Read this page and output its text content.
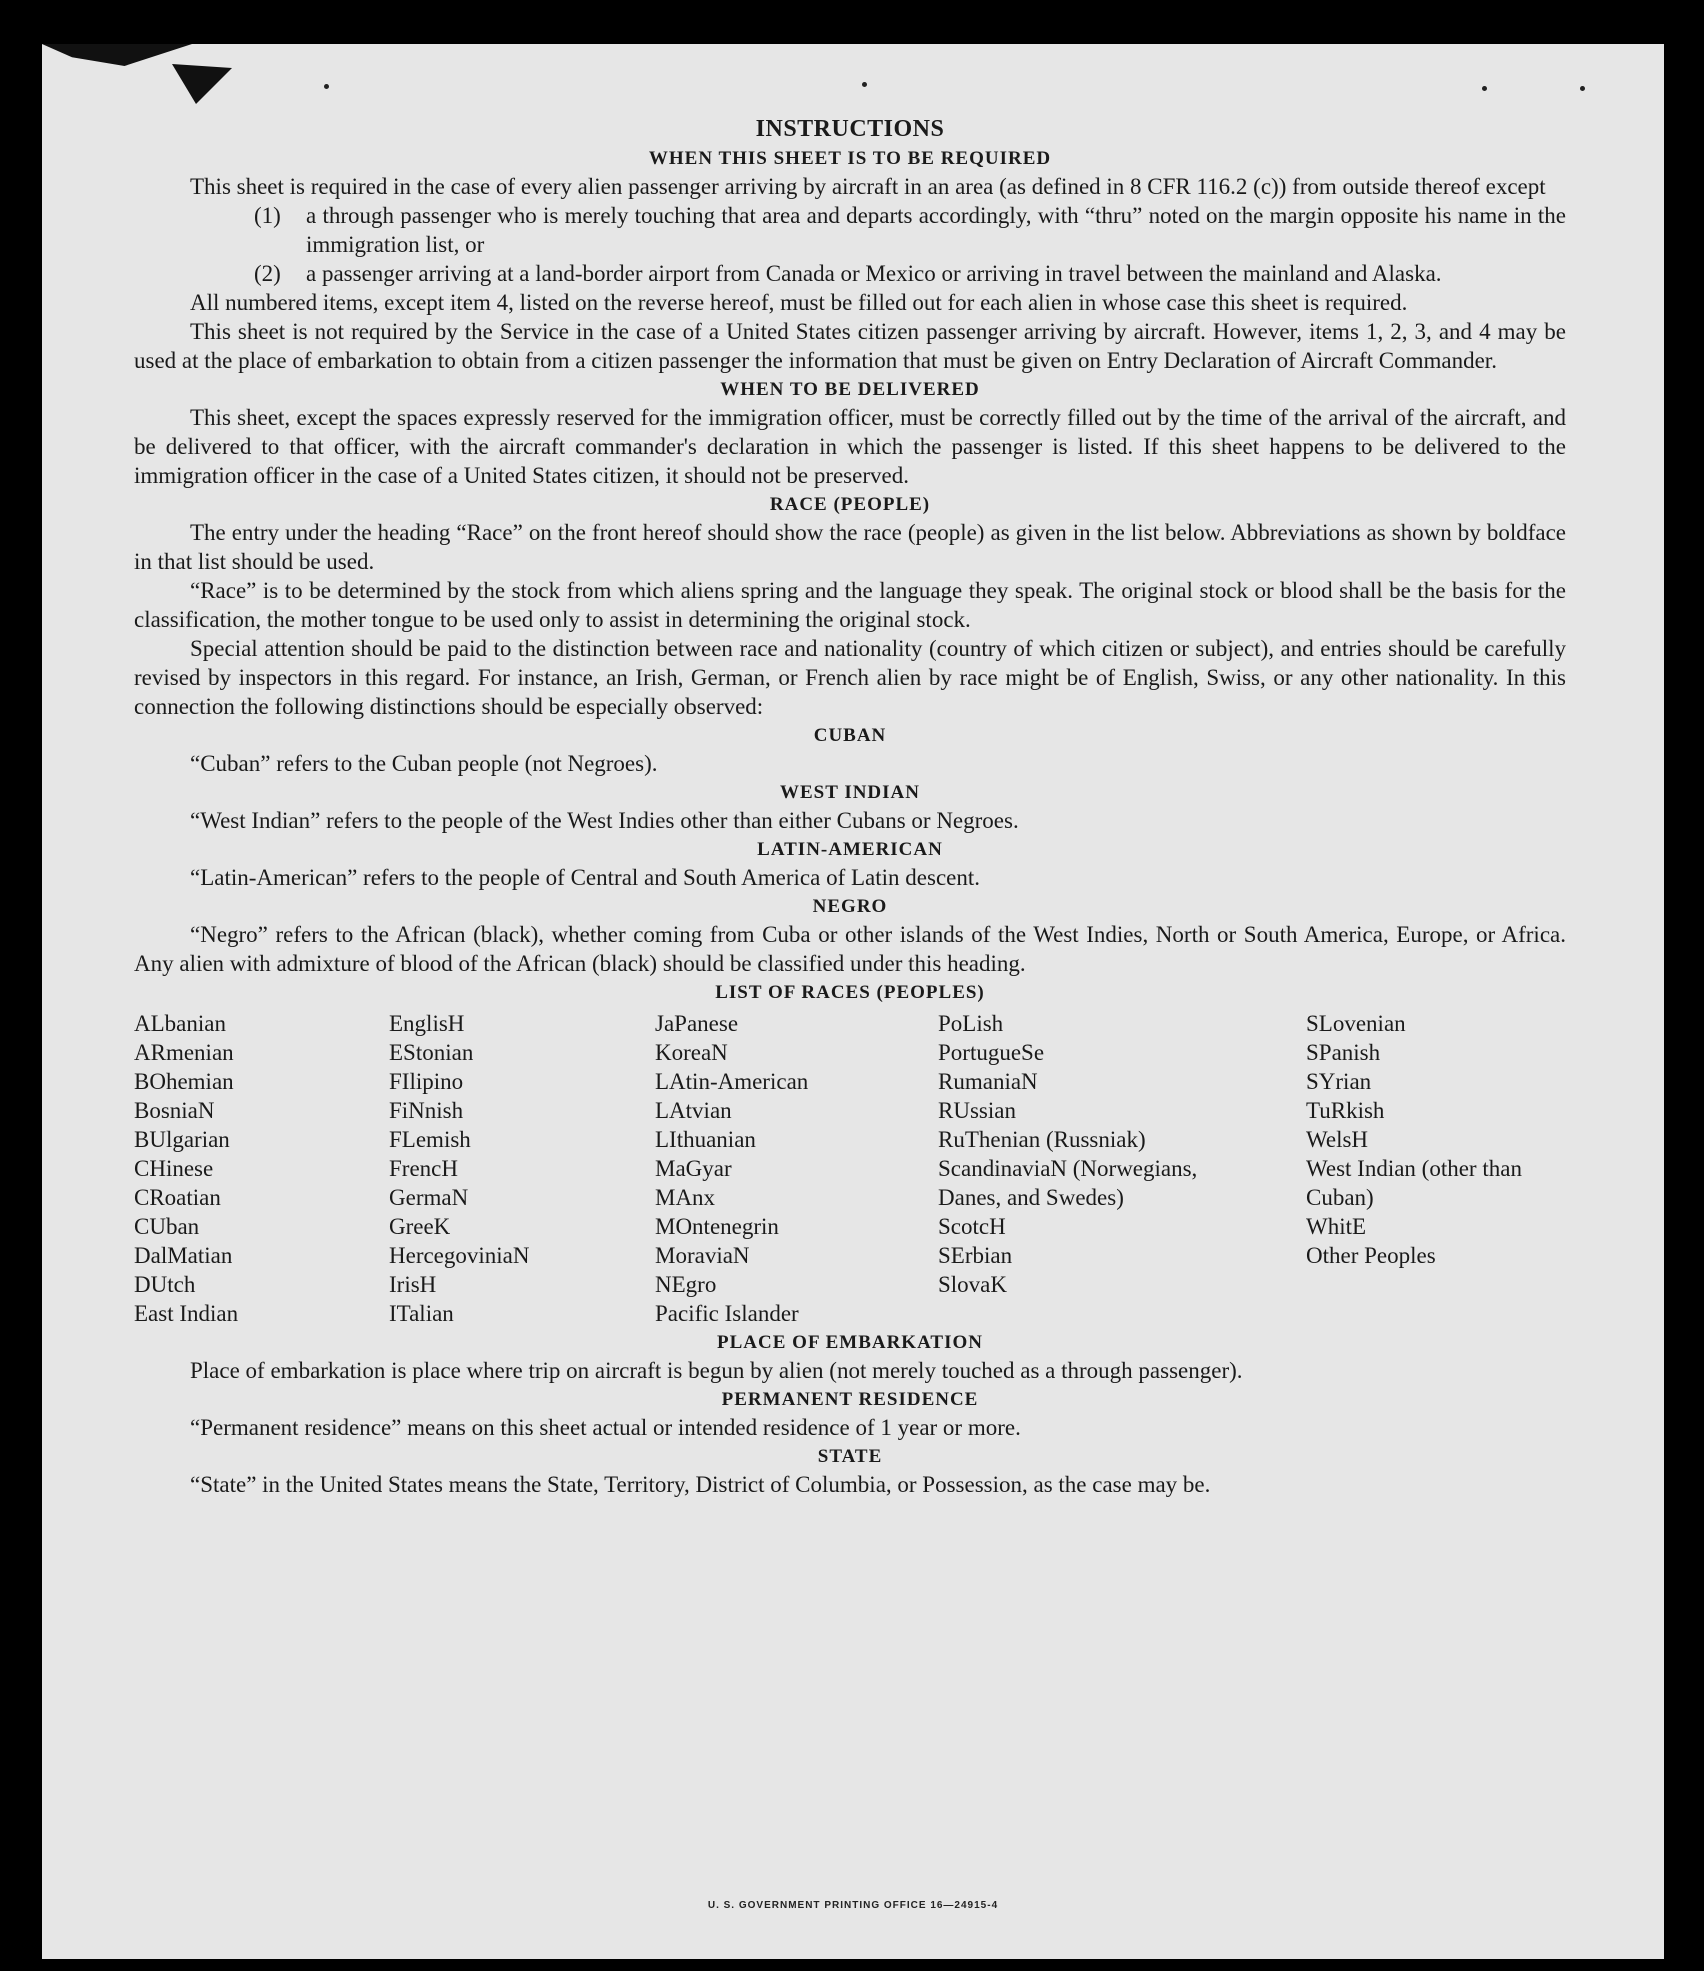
INSTRUCTIONS
WHEN THIS SHEET IS TO BE REQUIRED

This sheet is required in the case of every alien passenger arriving by aircraft in an area (as defined in 8 CFR 116.2 (c)) from outside thereof except

(1)	a through passenger who is merely touching that area and departs accordingly, with “thru” noted on the margin opposite his name in the immigration list, or
(2)	a passenger arriving at a land-border airport from Canada or Mexico or arriving in travel between the mainland and Alaska.

All numbered items, except item 4, listed on the reverse hereof, must be filled out for each alien in whose case this sheet is required.

This sheet is not required by the Service in the case of a United States citizen passenger arriving by aircraft. However, items 1, 2, 3, and 4 may be used at the place of embarkation to obtain from a citizen passenger the information that must be given on Entry Declaration of Aircraft Commander.

WHEN TO BE DELIVERED

This sheet, except the spaces expressly reserved for the immigration officer, must be correctly filled out by the time of the arrival of the aircraft, and be delivered to that officer, with the aircraft commander's declaration in which the passenger is listed. If this sheet happens to be delivered to the immigration officer in the case of a United States citizen, it should not be preserved.

RACE (PEOPLE)

The entry under the heading “Race” on the front hereof should show the race (people) as given in the list below. Abbreviations as shown by boldface in that list should be used.

“Race” is to be determined by the stock from which aliens spring and the language they speak. The original stock or blood shall be the basis for the classification, the mother tongue to be used only to assist in determining the original stock.

Special attention should be paid to the distinction between race and nationality (country of which citizen or subject), and entries should be carefully revised by inspectors in this regard. For instance, an Irish, German, or French alien by race might be of English, Swiss, or any other nationality. In this connection the following distinctions should be especially observed:

CUBAN

“Cuban” refers to the Cuban people (not Negroes).

WEST INDIAN

“West Indian” refers to the people of the West Indies other than either Cubans or Negroes.

LATIN-AMERICAN

“Latin-American” refers to the people of Central and South America of Latin descent.

NEGRO

“Negro” refers to the African (black), whether coming from Cuba or other islands of the West Indies, North or South America, Europe, or Africa. Any alien with admixture of blood of the African (black) should be classified under this heading.

LIST OF RACES (PEOPLES)
ALbanian
ARmenian
BOhemian
BosniaN
BUlgarian
CHinese
CRoatian
CUban
DalMatian
DUtch
East Indian
EnglisH
EStonian
FIlipino
FiNnish
FLemish
FrencH
GermaN
GreeK
HercegoviniaN
IrisH
ITalian
JaPanese
KoreaN
LAtin-American
LAtvian
LIthuanian
MaGyar
MAnx
MOntenegrin
MoraviaN
NEgro
Pacific Islander
PoLish
PortugueSe
RumaniaN
RUssian
RuThenian (Russniak)
ScandinaviaN (Norwegians, Danes, and Swedes)
ScotcH
SErbian
SlovaK
SLovenian
SPanish
SYrian
TuRkish
WelsH
West Indian (other than Cuban)
WhitE
Other Peoples
PLACE OF EMBARKATION

Place of embarkation is place where trip on aircraft is begun by alien (not merely touched as a through passenger).

PERMANENT RESIDENCE

“Permanent residence” means on this sheet actual or intended residence of 1 year or more.

STATE

“State” in the United States means the State, Territory, District of Columbia, or Possession, as the case may be.

U. S. GOVERNMENT PRINTING OFFICE 16—24915-4
